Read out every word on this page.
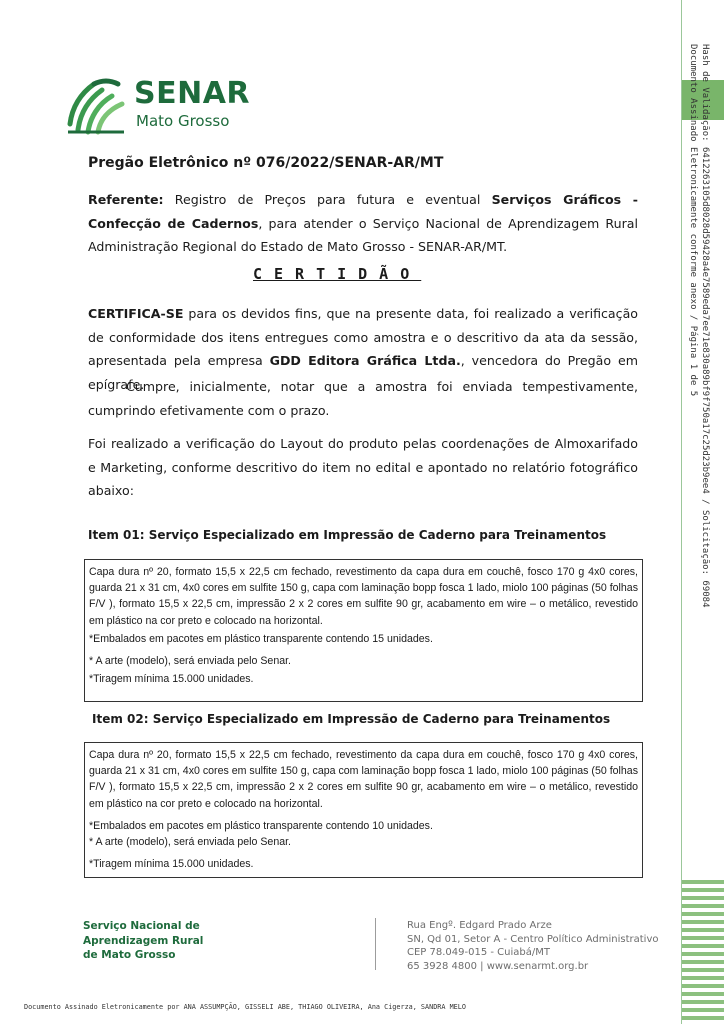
Hash de Validação: 6412263105d8028d59428a4e7589eda7ee71e830a89bf9f750a17c25d23b9ee4 / Solicitação: 69084
Documento Assinado Eletronicamente conforme anexo / Página 1 de 5
SENAR
Mato Grosso
Pregão Eletrônico nº 076/2022/SENAR-AR/MT
Referente: Registro de Preços para futura e eventual Serviços Gráficos - Confecção de Cadernos, para atender o Serviço Nacional de Aprendizagem Rural Administração Regional do Estado de Mato Grosso - SENAR-AR/MT.
CERTIDÃO
CERTIFICA-SE para os devidos fins, que na presente data, foi realizado a verificação de conformidade dos itens entregues como amostra e o descritivo da ata da sessão, apresentada pela empresa GDD Editora Gráfica Ltda., vencedora do Pregão em epígrafe.
Cumpre, inicialmente, notar que a amostra foi enviada tempestivamente, cumprindo efetivamente com o prazo.
Foi realizado a verificação do Layout do produto pelas coordenações de Almoxarifado e Marketing, conforme descritivo do item no edital e apontado no relatório fotográfico abaixo:
Item 01: Serviço Especializado em Impressão de Caderno para Treinamentos

Capa dura nº 20, formato 15,5 x 22,5 cm fechado, revestimento da capa dura em couchê, fosco 170 g 4x0 cores, guarda 21 x 31 cm, 4x0 cores em sulfite 150 g, capa com laminação bopp fosca 1 lado, miolo 100 páginas (50 folhas F/V ), formato 15,5 x 22,5 cm, impressão 2 x 2 cores em sulfite 90 gr, acabamento em wire – o metálico, revestido em plástico na cor preto e colocado na horizontal.

*Embalados em pacotes em plástico transparente contendo 15 unidades.

* A arte (modelo), será enviada pelo Senar.

*Tiragem mínima 15.000 unidades.

Item 02: Serviço Especializado em Impressão de Caderno para Treinamentos

Capa dura nº 20, formato 15,5 x 22,5 cm fechado, revestimento da capa dura em couchê, fosco 170 g 4x0 cores, guarda 21 x 31 cm, 4x0 cores em sulfite 150 g, capa com laminação bopp fosca 1 lado, miolo 100 páginas (50 folhas F/V ), formato 15,5 x 22,5 cm, impressão 2 x 2 cores em sulfite 90 gr, acabamento em wire – o metálico, revestido em plástico na cor preto e colocado na horizontal.

*Embalados em pacotes em plástico transparente contendo 10 unidades.

* A arte (modelo), será enviada pelo Senar.

*Tiragem mínima 15.000 unidades.

Serviço Nacional de
Aprendizagem Rural
de Mato Grosso
Rua Engº. Edgard Prado Arze
SN, Qd 01, Setor A - Centro Político Administrativo
CEP 78.049-015 - Cuiabá/MT
65 3928 4800 | www.senarmt.org.br
Documento Assinado Eletronicamente por ANA ASSUMPÇÃO, GISSELI ABE, THIAGO OLIVEIRA, Ana Cigerza, SANDRA MELO
